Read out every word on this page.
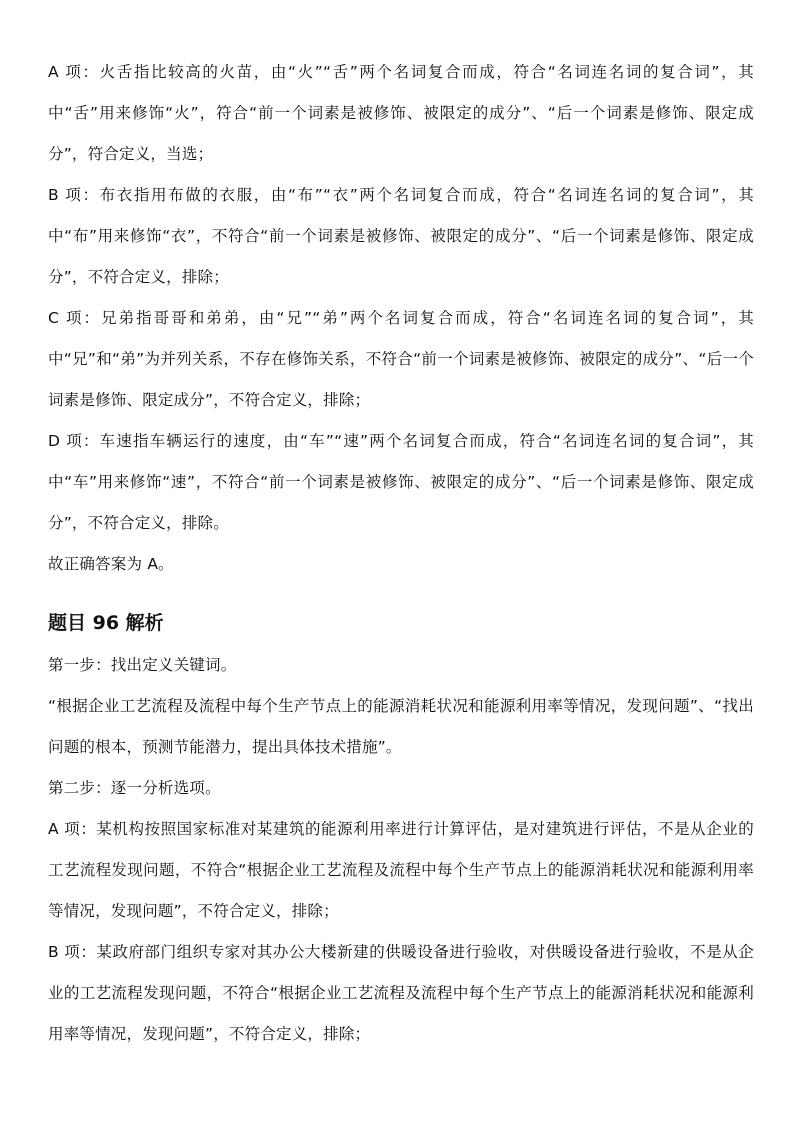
A 项：火舌指比较高的火苗，由“火”“舌”两个名词复合而成，符合“名词连名词的复合词”，其中“舌”用来修饰“火”，符合“前一个词素是被修饰、被限定的成分”、“后一个词素是修饰、限定成分”，符合定义，当选；

B 项：布衣指用布做的衣服，由“布”“衣”两个名词复合而成，符合“名词连名词的复合词”，其中“布”用来修饰“衣”，不符合“前一个词素是被修饰、被限定的成分”、“后一个词素是修饰、限定成分”，不符合定义，排除；

C 项：兄弟指哥哥和弟弟，由“兄”“弟”两个名词复合而成，符合“名词连名词的复合词”，其中“兄”和“弟”为并列关系，不存在修饰关系，不符合“前一个词素是被修饰、被限定的成分”、“后一个词素是修饰、限定成分”，不符合定义，排除；

D 项：车速指车辆运行的速度，由“车”“速”两个名词复合而成，符合“名词连名词的复合词”，其中“车”用来修饰“速”，不符合“前一个词素是被修饰、被限定的成分”、“后一个词素是修饰、限定成分”，不符合定义，排除。

故正确答案为 A。

题目 96 解析

第一步：找出定义关键词。

“根据企业工艺流程及流程中每个生产节点上的能源消耗状况和能源利用率等情况，发现问题”、“找出问题的根本，预测节能潜力，提出具体技术措施”。

第二步：逐一分析选项。

A 项：某机构按照国家标准对某建筑的能源利用率进行计算评估，是对建筑进行评估，不是从企业的工艺流程发现问题，不符合“根据企业工艺流程及流程中每个生产节点上的能源消耗状况和能源利用率等情况，发现问题”，不符合定义，排除；

B 项：某政府部门组织专家对其办公大楼新建的供暖设备进行验收，对供暖设备进行验收，不是从企业的工艺流程发现问题，不符合“根据企业工艺流程及流程中每个生产节点上的能源消耗状况和能源利用率等情况，发现问题”，不符合定义，排除；
